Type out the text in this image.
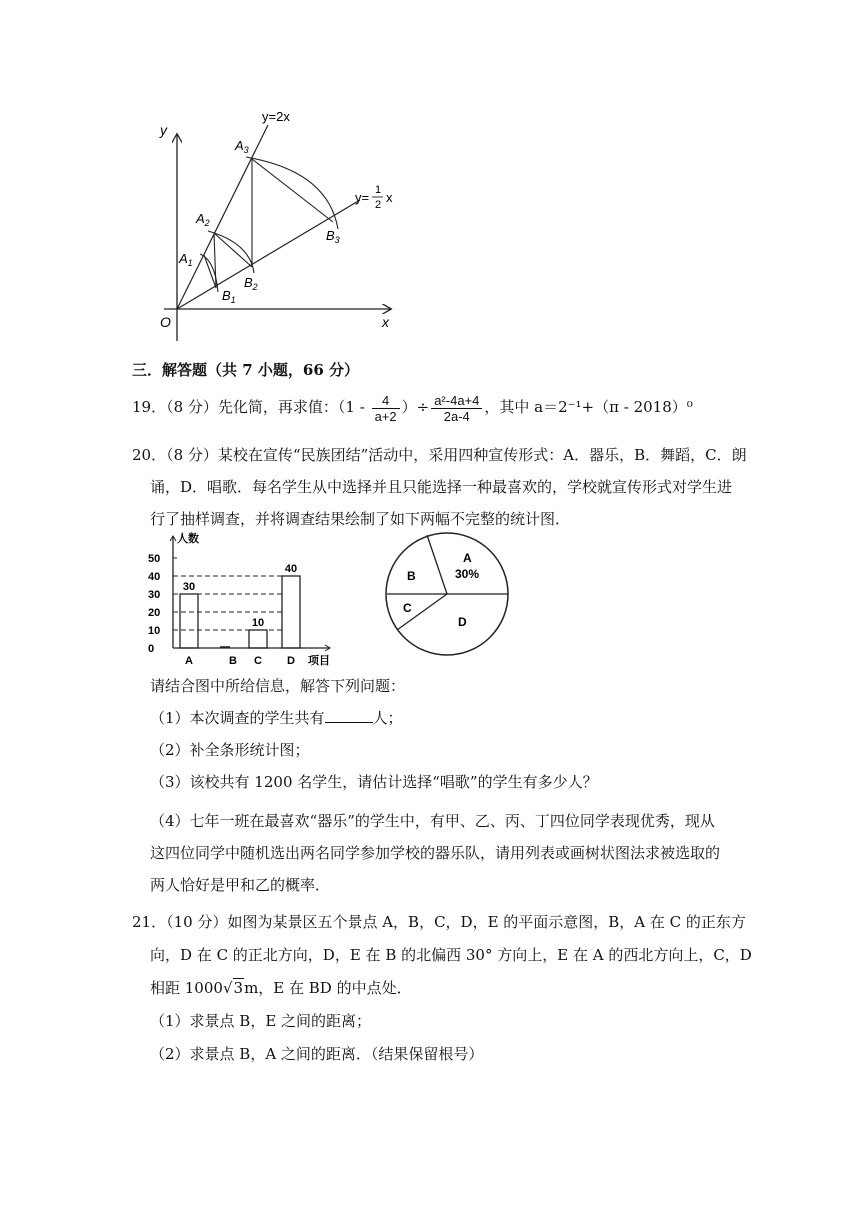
y
x
O
y=2x
y= 1
2 x
$A_3$
$A_2$
$A_1$
$B_1$
$B_2$
$B_3$
三．解答题（共 7 小题，66 分）
19．（8 分）先化简，再求值：（$1 - \frac{4}{a+2}$ ）÷ $\frac{\text{a²-4a+4}}{2a-4}$ ，其中 a＝2⁻¹+（π - 2018）⁰
20．（8 分）某校在宣传“民族团结”活动中，采用四种宣传形式：A．器乐，B．舞蹈，C．朗
诵，D．唱歌．每名学生从中选择并且只能选择一种最喜欢的，学校就宣传形式对学生进
行了抽样调查，并将调查结果绘制了如下两幅不完整的统计图．
0
10
20
30
40
50
人数
30
A	B
10
C
40
D 项目
A
30%
B
C
D
请结合图中所给信息，解答下列问题：
（1）本次调查的学生共有	人；
（2）补全条形统计图；
（3）该校共有 1200 名学生，请估计选择“唱歌”的学生有多少人？
（4）七年一班在最喜欢“器乐”的学生中，有甲、乙、丙、丁四位同学表现优秀，现从
这四位同学中随机选出两名同学参加学校的器乐队，请用列表或画树状图法求被选取的
两人恰好是甲和乙的概率．
21．（10 分）如图为某景区五个景点 A，B，C，D，E 的平面示意图，B，A 在 C 的正东方
向，D 在 C 的正北方向，D，E 在 B 的北偏西 30° 方向上，E 在 A 的西北方向上，C，D
相距 1000√3m，E 在 BD 的中点处．
（1）求景点 B，E 之间的距离；
（2）求景点 B，A 之间的距离．（结果保留根号）
